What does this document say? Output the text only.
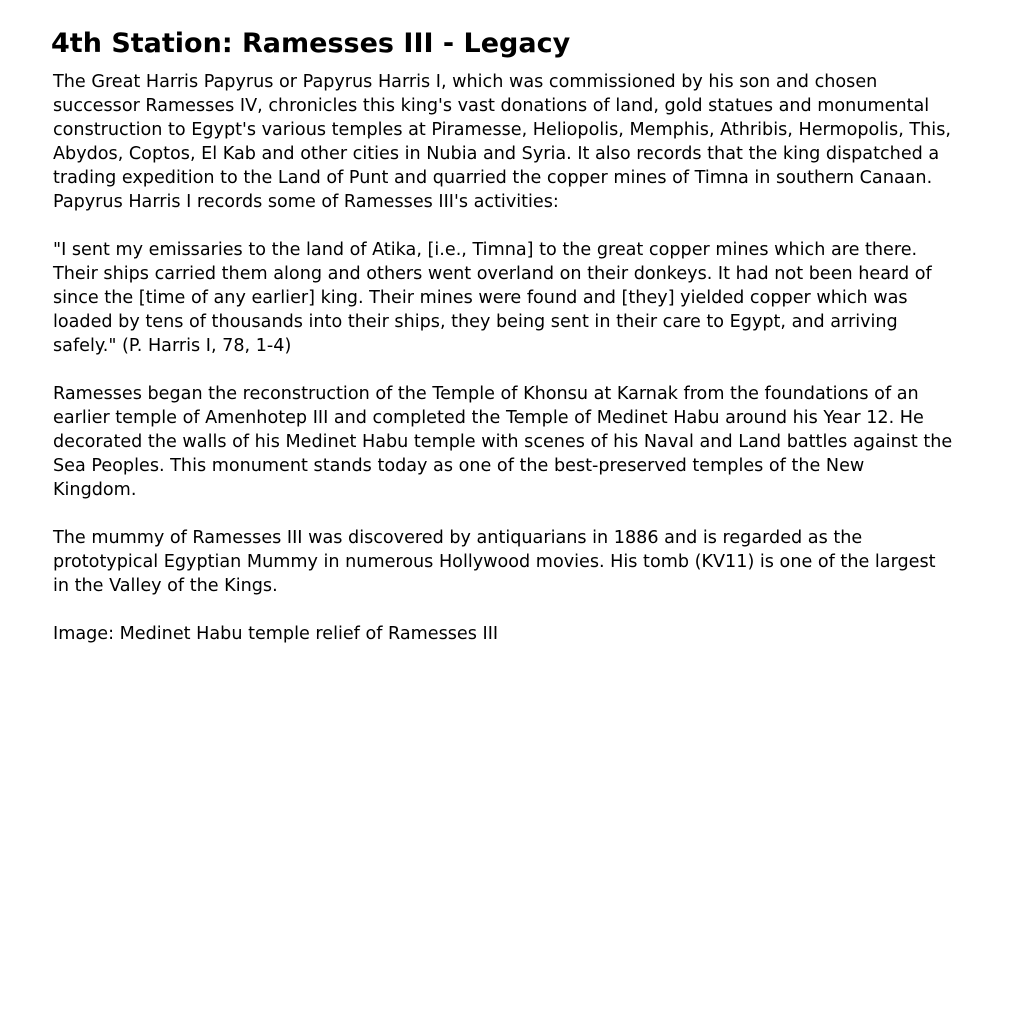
4th Station: Ramesses III - Legacy

The Great Harris Papyrus or Papyrus Harris I, which was commissioned by his son and chosen successor Ramesses IV, chronicles this king's vast donations of land, gold statues and monumental construction to Egypt's various temples at Piramesse, Heliopolis, Memphis, Athribis, Hermopolis, This, Abydos, Coptos, El Kab and other cities in Nubia and Syria. It also records that the king dispatched a trading expedition to the Land of Punt and quarried the copper mines of Timna in southern Canaan. Papyrus Harris I records some of Ramesses III's activities:

"I sent my emissaries to the land of Atika, [i.e., Timna] to the great copper mines which are there. Their ships carried them along and others went overland on their donkeys. It had not been heard of since the [time of any earlier] king. Their mines were found and [they] yielded copper which was loaded by tens of thousands into their ships, they being sent in their care to Egypt, and arriving safely." (P. Harris I, 78, 1-4)

Ramesses began the reconstruction of the Temple of Khonsu at Karnak from the foundations of an earlier temple of Amenhotep III and completed the Temple of Medinet Habu around his Year 12. He decorated the walls of his Medinet Habu temple with scenes of his Naval and Land battles against the Sea Peoples. This monument stands today as one of the best-preserved temples of the New Kingdom.

The mummy of Ramesses III was discovered by antiquarians in 1886 and is regarded as the prototypical Egyptian Mummy in numerous Hollywood movies. His tomb (KV11) is one of the largest in the Valley of the Kings.

Image: Medinet Habu temple relief of Ramesses III
